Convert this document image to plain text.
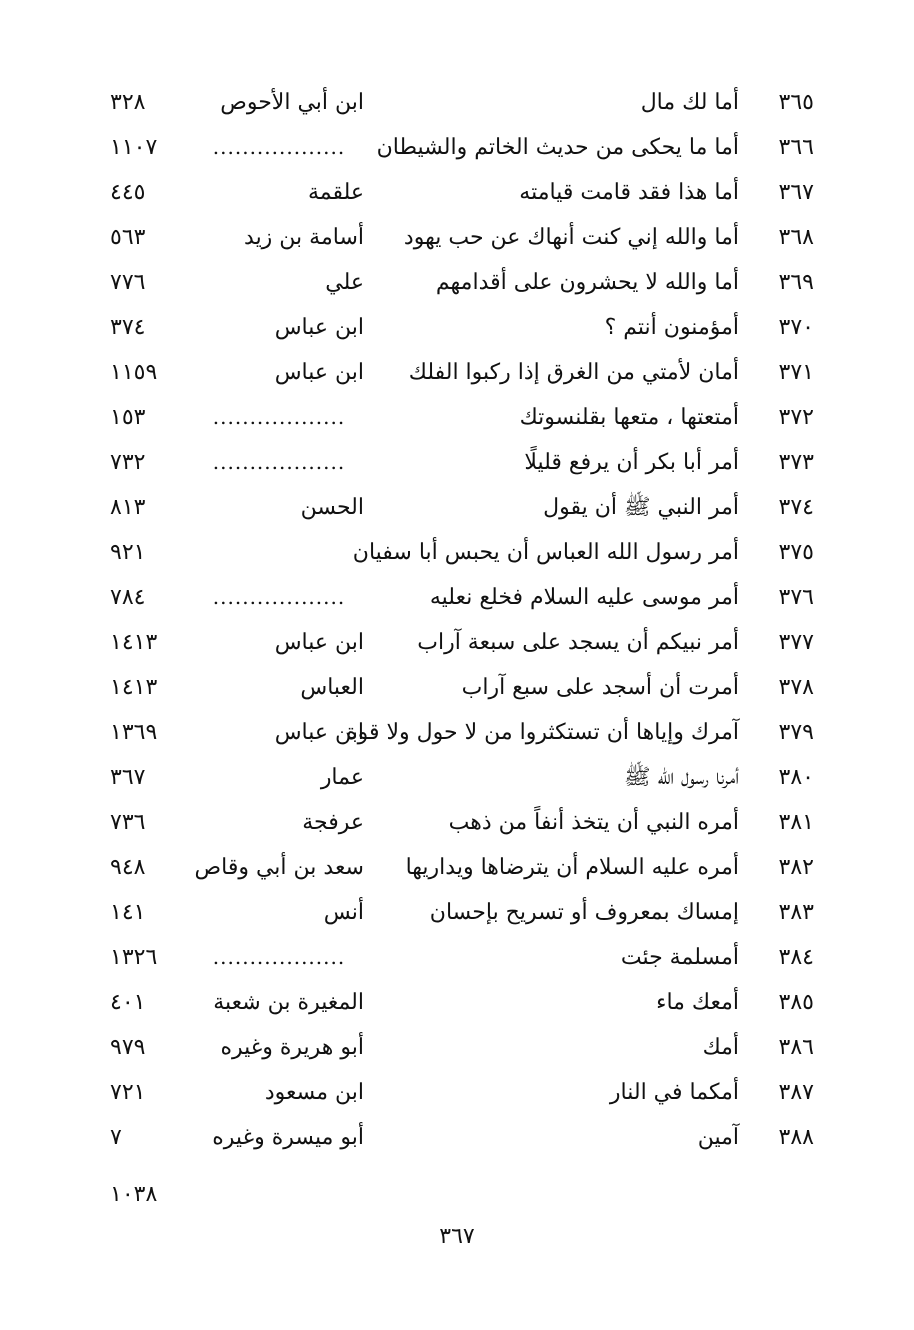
٣٦٥
أما لك مال
ابن أبي الأحوص
٣٢٨
٣٦٦
أما ما يحكى من حديث الخاتم والشيطان
..................
١١٠٧
٣٦٧
أما هذا فقد قامت قيامته
علقمة
٤٤٥
٣٦٨
أما والله إني كنت أنهاك عن حب يهود
أسامة بن زيد
٥٦٣
٣٦٩
أما والله لا يحشرون على أقدامهم
علي
٧٧٦
٣٧٠
أمؤمنون أنتم ؟
ابن عباس
٣٧٤
٣٧١
أمان لأمتي من الغرق إذا ركبوا الفلك
ابن عباس
١١٥٩
٣٧٢
أمتعتها ، متعها بقلنسوتك
..................
١٥٣
٣٧٣
أمر أبا بكر أن يرفع قليلًا
..................
٧٣٢
٣٧٤
أمر النبي ﷺ أن يقول
الحسن
٨١٣
٣٧٥
أمر رسول الله العباس أن يحبس أبا سفيان
٩٢١
٣٧٦
أمر موسى عليه السلام فخلع نعليه
..................
٧٨٤
٣٧٧
أمر نبيكم أن يسجد على سبعة آراب
ابن عباس
١٤١٣
٣٧٨
أمرت أن أسجد على سبع آراب
العباس
١٤١٣
٣٧٩
آمرك وإياها أن تستكثروا من لا حول ولا قوة
ابن عباس
١٣٦٩
٣٨٠
أمرنا رسول الله ﷺ
عمار
٣٦٧
٣٨١
أمره النبي أن يتخذ أنفاً من ذهب
عرفجة
٧٣٦
٣٨٢
أمره عليه السلام أن يترضاها ويداريها
سعد بن أبي وقاص
٩٤٨
٣٨٣
إمساك بمعروف أو تسريح بإحسان
أنس
١٤١
٣٨٤
أمسلمة جئت
..................
١٣٢٦
٣٨٥
أمعك ماء
المغيرة بن شعبة
٤٠١
٣٨٦
أمك
أبو هريرة وغيره
٩٧٩
٣٨٧
أمكما في النار
ابن مسعود
٧٢١
٣٨٨
آمين
أبو ميسرة وغيره
٧
١٠٣٨
٣٦٧
